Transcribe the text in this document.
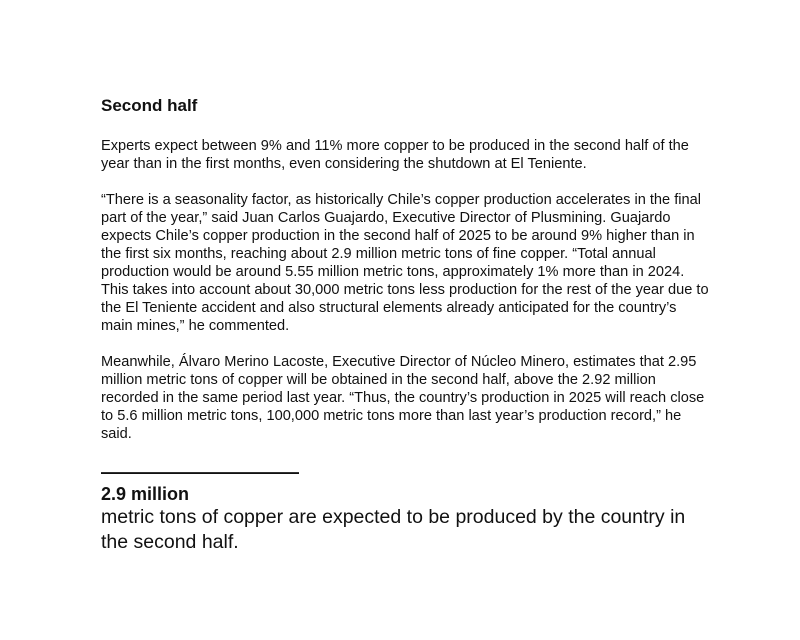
Second half

Experts expect between 9% and 11% more copper to be produced in the second half of the year than in the first months, even considering the shutdown at El Teniente.

“There is a seasonality factor, as historically Chile’s copper production accelerates in the final part of the year,” said Juan Carlos Guajardo, Executive Director of Plusmining. Guajardo expects Chile’s copper production in the second half of 2025 to be around 9% higher than in the first six months, reaching about 2.9 million metric tons of fine copper. “Total annual production would be around 5.55 million metric tons, approximately 1% more than in 2024. This takes into account about 30,000 metric tons less production for the rest of the year due to the El Teniente accident and also structural elements already anticipated for the country’s main mines,” he commented.

Meanwhile, Álvaro Merino Lacoste, Executive Director of Núcleo Minero, estimates that 2.95 million metric tons of copper will be obtained in the second half, above the 2.92 million recorded in the same period last year. “Thus, the country’s production in 2025 will reach close to 5.6 million metric tons, 100,000 metric tons more than last year’s production record,” he said.

———————————
2.9 million
metric tons of copper are expected to be produced by the country in the second half.
